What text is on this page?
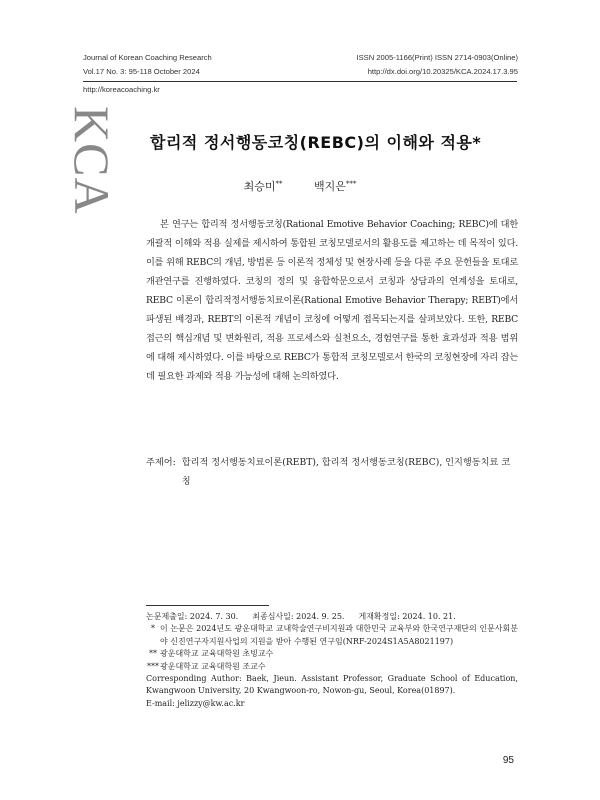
Journal of Korean Coaching Research
Vol.17 No. 3: 95-118 October 2024
ISSN 2005-1166(Print) ISSN 2714-0903(Online)
http://dx.doi.org/10.20325/KCA.2024.17.3.95
http://koreacoaching.kr
KCA 합리적 정서행동코칭(REBC)의 이해와 적용*
최승미**	백지은***
본 연구는 합리적 정서행동코칭(Rational Emotive Behavior Coaching; REBC)에 대한 개괄적 이해와 적용 실제를 제시하여 통합된 코칭모델로서의 활용도를 제고하는 데 목적이 있다. 이를 위해 REBC의 개념, 방법론 등 이론적 정체성 및 현장사례 등을 다룬 주요 문헌들을 토대로 개관연구를 진행하였다. 코칭의 정의 및 융합학문으로서 코칭과 상담과의 연계성을 토대로, REBC 이론이 합리적정서행동치료이론(Rational Emotive Behavior Therapy; REBT)에서 파생된 배경과, REBT의 이론적 개념이 코칭에 어떻게 접목되는지를 살펴보았다. 또한, REBC 접근의 핵심개념 및 변화원리, 적용 프로세스와 실천요소, 경험연구를 통한 효과성과 적용 범위에 대해 제시하였다. 이를 바탕으로 REBC가 통합적 코칭모델로서 한국의 코칭현장에 자리 잡는 데 필요한 과제와 적용 가능성에 대해 논의하였다.
주제어: 합리적 정서행동치료이론(REBT), 합리적 정서행동코칭(REBC), 인지행동치료 코칭
논문제출일: 2024. 7. 30. 최종심사일: 2024. 9. 25. 게재확정일: 2024. 10. 21.
* 이 논문은 2024년도 광운대학교 교내학술연구비지원과 대한민국 교육부와 한국연구재단의 인문사회분야 신진연구자지원사업의 지원을 받아 수행된 연구임(NRF-2024S1A5A8021197)
** 광운대학교 교육대학원 초빙교수
*** 광운대학교 교육대학원 조교수
Corresponding Author: Baek, Jieun. Assistant Professor, Graduate School of Education, Kwangwoon University, 20 Kwangwoon-ro, Nowon-gu, Seoul, Korea(01897).
E-mail: jelizzy@kw.ac.kr
95
